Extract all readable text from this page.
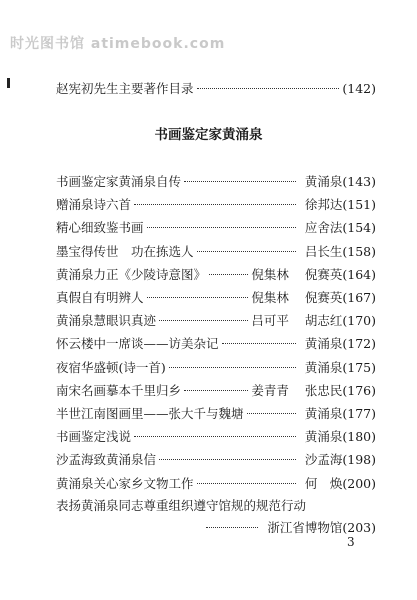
时光图书馆 atimebook.com
赵宪初先生主要著作目录	(142)
书画鉴定家黄涌泉
书画鉴定家黄涌泉自传	黄涌泉 (143)
赠涌泉诗六首	徐邦达 (151)
精心细致鉴书画	应舍法 (154)
墨宝得传世　功在拣选人	吕长生 (158)
黄涌泉力正《少陵诗意图》	倪集林 倪赛英 (164)
真假自有明辨人	倪集林 倪赛英 (167)
黄涌泉慧眼识真迹	吕可平 胡志红 (170)
怀云楼中一席谈——访美杂记	黄涌泉 (172)
夜宿华盛顿(诗一首)	黄涌泉 (175)
南宋名画摹本千里归乡	姜青青 张忠民 (176)
半世江南图画里——张大千与魏塘	黄涌泉 (177)
书画鉴定浅说	黄涌泉 (180)
沙孟海致黄涌泉信	沙孟海 (198)
黄涌泉关心家乡文物工作	何　焕 (200)
表扬黄涌泉同志尊重组织遵守馆规的规范行动
浙江省博物馆 (203)
3
